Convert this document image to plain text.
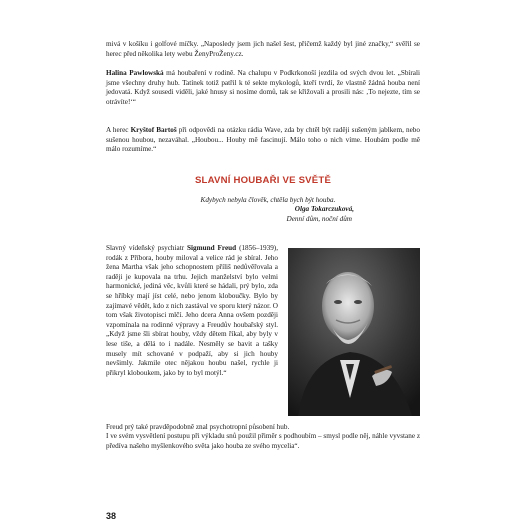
mivá v košíku i golfové míčky. „Naposledy jsem jich našel šest, přičemž každý byl jiné značky,“ svěřil se herec před několika lety webu ŽenyProŽeny.cz.

Halina Pawlowská má houbaření v rodině. Na chalupu v Podkrkonoší jezdila od svých dvou let. „Sbírali jsme všechny druhy hub. Tatínek totiž patřil k té sekte mykologů, kteří tvrdí, že vlastně žádná houba není jedovatá. Když sousedi viděli, jaké hnusy si nosíme domů, tak se křižovali a prosili nás: ‚To nejezte, tím se otrávíte!‘“

A herec Kryštof Bartoš při odpovědi na otázku rádia Wave, zda by chtěl být raději sušeným jablkem, nebo sušenou houbou, nezaváhal. „Houbou... Houby mě fascinují. Málo toho o nich víme. Houbám podle mě málo rozumíme.“

SLAVNÍ HOUBAŘI VE SVĚTĚ
Kdybych nebyla člověk, chtěla bych být houba.
Olga Tokarczuková,
Denní dům, noční dům

Slavný vídeňský psychiatr Sigmund Freud (1856–1939), rodák z Příbora, houby miloval a velice rád je sbíral. Jeho žena Martha však jeho schopnostem příliš nedůvěřovala a raději je kupovala na trhu. Jejich manželství bylo velmi harmonické, jediná věc, kvůli které se hádali, prý bylo, zda se hříbky mají jíst celé, nebo jenom kloboučky. Bylo by zajímavé vědět, kdo z nich zastával ve sporu který názor. O tom však životopisci mlčí. Jeho dcera Anna ovšem později vzpomínala na rodinné výpravy a Freudův houbařský styl. „Když jsme šli sbírat houby, vždy dětem říkal, aby byly v lese tiše, a dělá to i nadále. Nesměly se bavit a tašky musely mít schované v podpaží, aby si jich houby nevšimly. Jakmile otec nějakou houbu našel, rychle ji přikryl kloboukem, jako by to byl motýl.“

Freud prý také pravděpodobně znal psychotropní působení hub.

I ve svém vysvětlení postupu při výkladu snů použil přiměr s podhoubím – smysl podle něj, náhle vyvstane z předíva našeho myšlenkového světa jako houba ze svého mycelia“.

38
